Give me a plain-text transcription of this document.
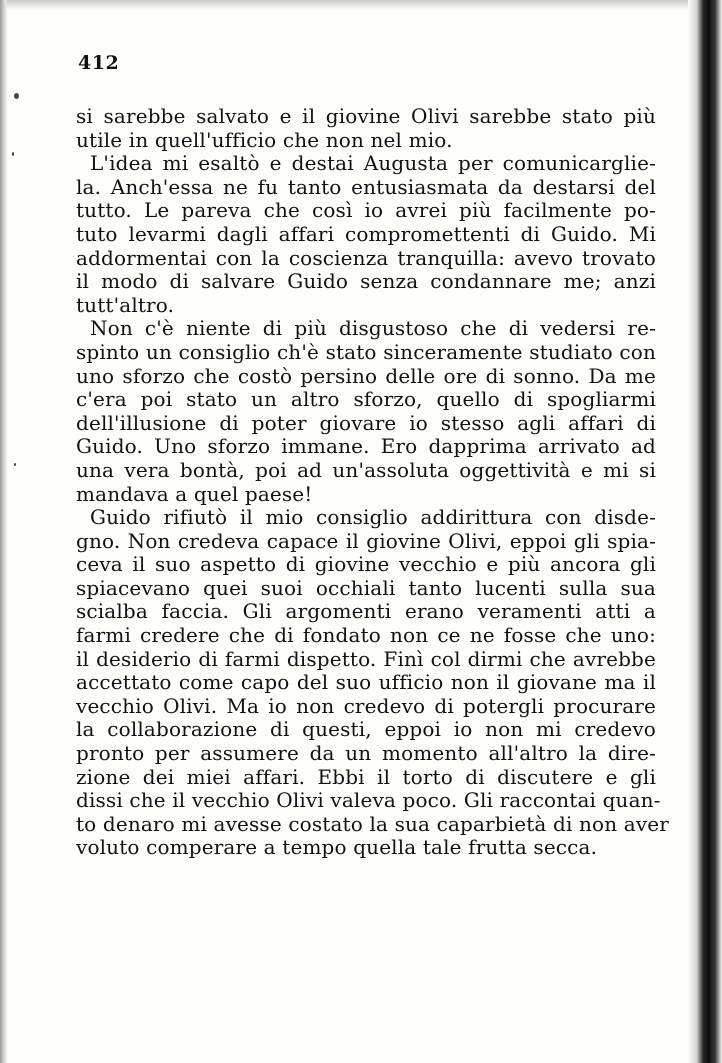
412
si sarebbe salvato e il giovine Olivi sarebbe stato più
utile in quell'ufficio che non nel mio.
L'idea mi esaltò e destai Augusta per comunicarglie-
la. Anch'essa ne fu tanto entusiasmata da destarsi del
tutto. Le pareva che così io avrei più facilmente po-
tuto levarmi dagli affari compromettenti di Guido. Mi
addormentai con la coscienza tranquilla: avevo trovato
il modo di salvare Guido senza condannare me; anzi
tutt'altro.
Non c'è niente di più disgustoso che di vedersi re-
spinto un consiglio ch'è stato sinceramente studiato con
uno sforzo che costò persino delle ore di sonno. Da me
c'era poi stato un altro sforzo, quello di spogliarmi
dell'illusione di poter giovare io stesso agli affari di
Guido. Uno sforzo immane. Ero dapprima arrivato ad
una vera bontà, poi ad un'assoluta oggettività e mi si
mandava a quel paese!
Guido rifiutò il mio consiglio addirittura con disde-
gno. Non credeva capace il giovine Olivi, eppoi gli spia-
ceva il suo aspetto di giovine vecchio e più ancora gli
spiacevano quei suoi occhiali tanto lucenti sulla sua
scialba faccia. Gli argomenti erano veramenti atti a
farmi credere che di fondato non ce ne fosse che uno:
il desiderio di farmi dispetto. Finì col dirmi che avrebbe
accettato come capo del suo ufficio non il giovane ma il
vecchio Olivi. Ma io non credevo di potergli procurare
la collaborazione di questi, eppoi io non mi credevo
pronto per assumere da un momento all'altro la dire-
zione dei miei affari. Ebbi il torto di discutere e gli
dissi che il vecchio Olivi valeva poco. Gli raccontai quan-
to denaro mi avesse costato la sua caparbietà di non aver
voluto comperare a tempo quella tale frutta secca.
